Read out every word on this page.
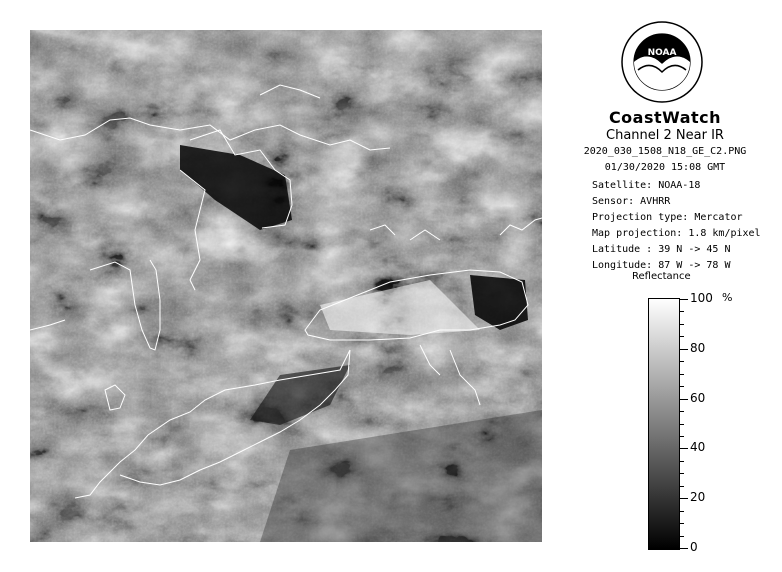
NOAA
CoastWatch
Channel 2 Near IR
2020_030_1508_N18_GE_C2.PNG
01/30/2020 15:08 GMT
Satellite: NOAA-18
Sensor: AVHRR
Projection type: Mercator
Map projection: 1.8 km/pixel
Latitude : 39 N -> 45 N
Longitude: 87 W -> 78 W
Reflectance
%
100
80
60
40
20
0
